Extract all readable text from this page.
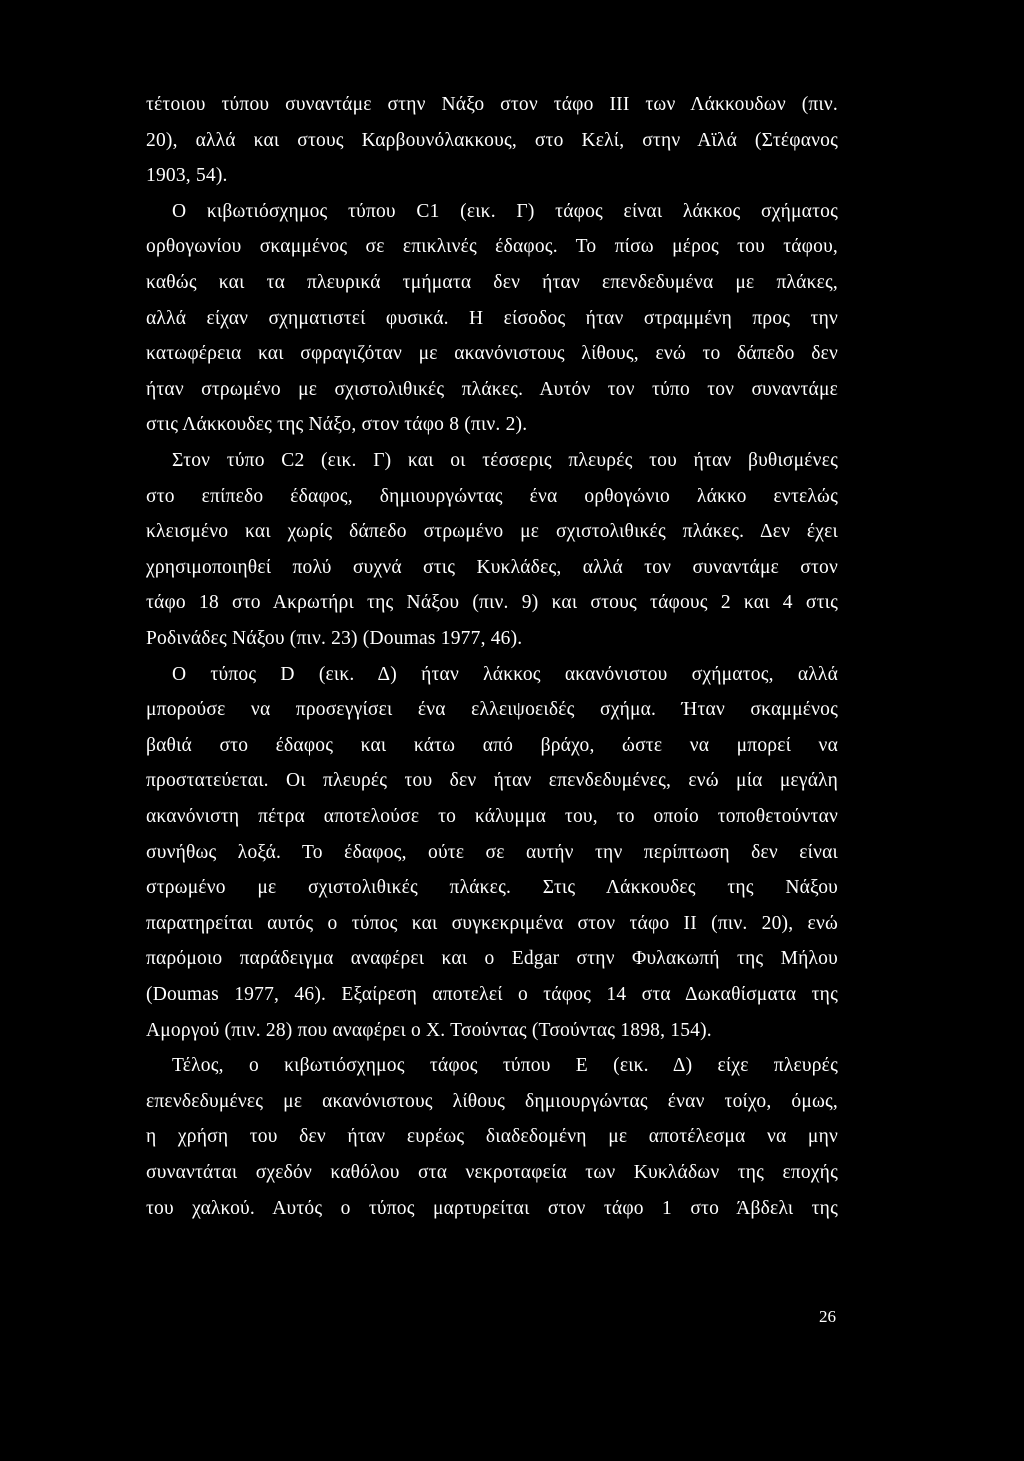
τέτοιου τύπου συναντάμε στην Νάξο στον τάφο III των Λάκκουδων (πιν.
20), αλλά και στους Καρβουνόλακκους, στο Κελί, στην Αϊλά (Στέφανος
1903, 54).
Ο κιβωτιόσχημος τύπου C1 (εικ. Γ) τάφος είναι λάκκος σχήματος
ορθογωνίου σκαμμένος σε επικλινές έδαφος. Το πίσω μέρος του τάφου,
καθώς και τα πλευρικά τμήματα δεν ήταν επενδεδυμένα με πλάκες,
αλλά είχαν σχηματιστεί φυσικά. Η είσοδος ήταν στραμμένη προς την
κατωφέρεια και σφραγιζόταν με ακανόνιστους λίθους, ενώ το δάπεδο δεν
ήταν στρωμένο με σχιστολιθικές πλάκες. Αυτόν τον τύπο τον συναντάμε
στις Λάκκουδες της Νάξο, στον τάφο 8 (πιν. 2).
Στον τύπο C2 (εικ. Γ) και οι τέσσερις πλευρές του ήταν βυθισμένες
στο επίπεδο έδαφος, δημιουργώντας ένα ορθογώνιο λάκκο εντελώς
κλεισμένο και χωρίς δάπεδο στρωμένο με σχιστολιθικές πλάκες. Δεν έχει
χρησιμοποιηθεί πολύ συχνά στις Κυκλάδες, αλλά τον συναντάμε στον
τάφο 18 στο Ακρωτήρι της Νάξου (πιν. 9) και στους τάφους 2 και 4 στις
Ροδινάδες Νάξου (πιν. 23) (Doumas 1977, 46).
Ο τύπος D (εικ. Δ) ήταν λάκκος ακανόνιστου σχήματος, αλλά
μπορούσε να προσεγγίσει ένα ελλειψοειδές σχήμα. Ήταν σκαμμένος
βαθιά στο έδαφος και κάτω από βράχο, ώστε να μπορεί να
προστατεύεται. Οι πλευρές του δεν ήταν επενδεδυμένες, ενώ μία μεγάλη
ακανόνιστη πέτρα αποτελούσε το κάλυμμα του, το οποίο τοποθετούνταν
συνήθως λοξά. Το έδαφος, ούτε σε αυτήν την περίπτωση δεν είναι
στρωμένο με σχιστολιθικές πλάκες. Στις Λάκκουδες της Νάξου
παρατηρείται αυτός ο τύπος και συγκεκριμένα στον τάφο II (πιν. 20), ενώ
παρόμοιο παράδειγμα αναφέρει και ο Edgar στην Φυλακωπή της Μήλου
(Doumas 1977, 46). Εξαίρεση αποτελεί ο τάφος 14 στα Δωκαθίσματα της
Αμοργού (πιν. 28) που αναφέρει ο Χ. Τσούντας (Τσούντας 1898, 154).
Τέλος, ο κιβωτιόσχημος τάφος τύπου E (εικ. Δ) είχε πλευρές
επενδεδυμένες με ακανόνιστους λίθους δημιουργώντας έναν τοίχο, όμως,
η χρήση του δεν ήταν ευρέως διαδεδομένη με αποτέλεσμα να μην
συναντάται σχεδόν καθόλου στα νεκροταφεία των Κυκλάδων της εποχής
του χαλκού. Αυτός ο τύπος μαρτυρείται στον τάφο 1 στο Άβδελι της
26
